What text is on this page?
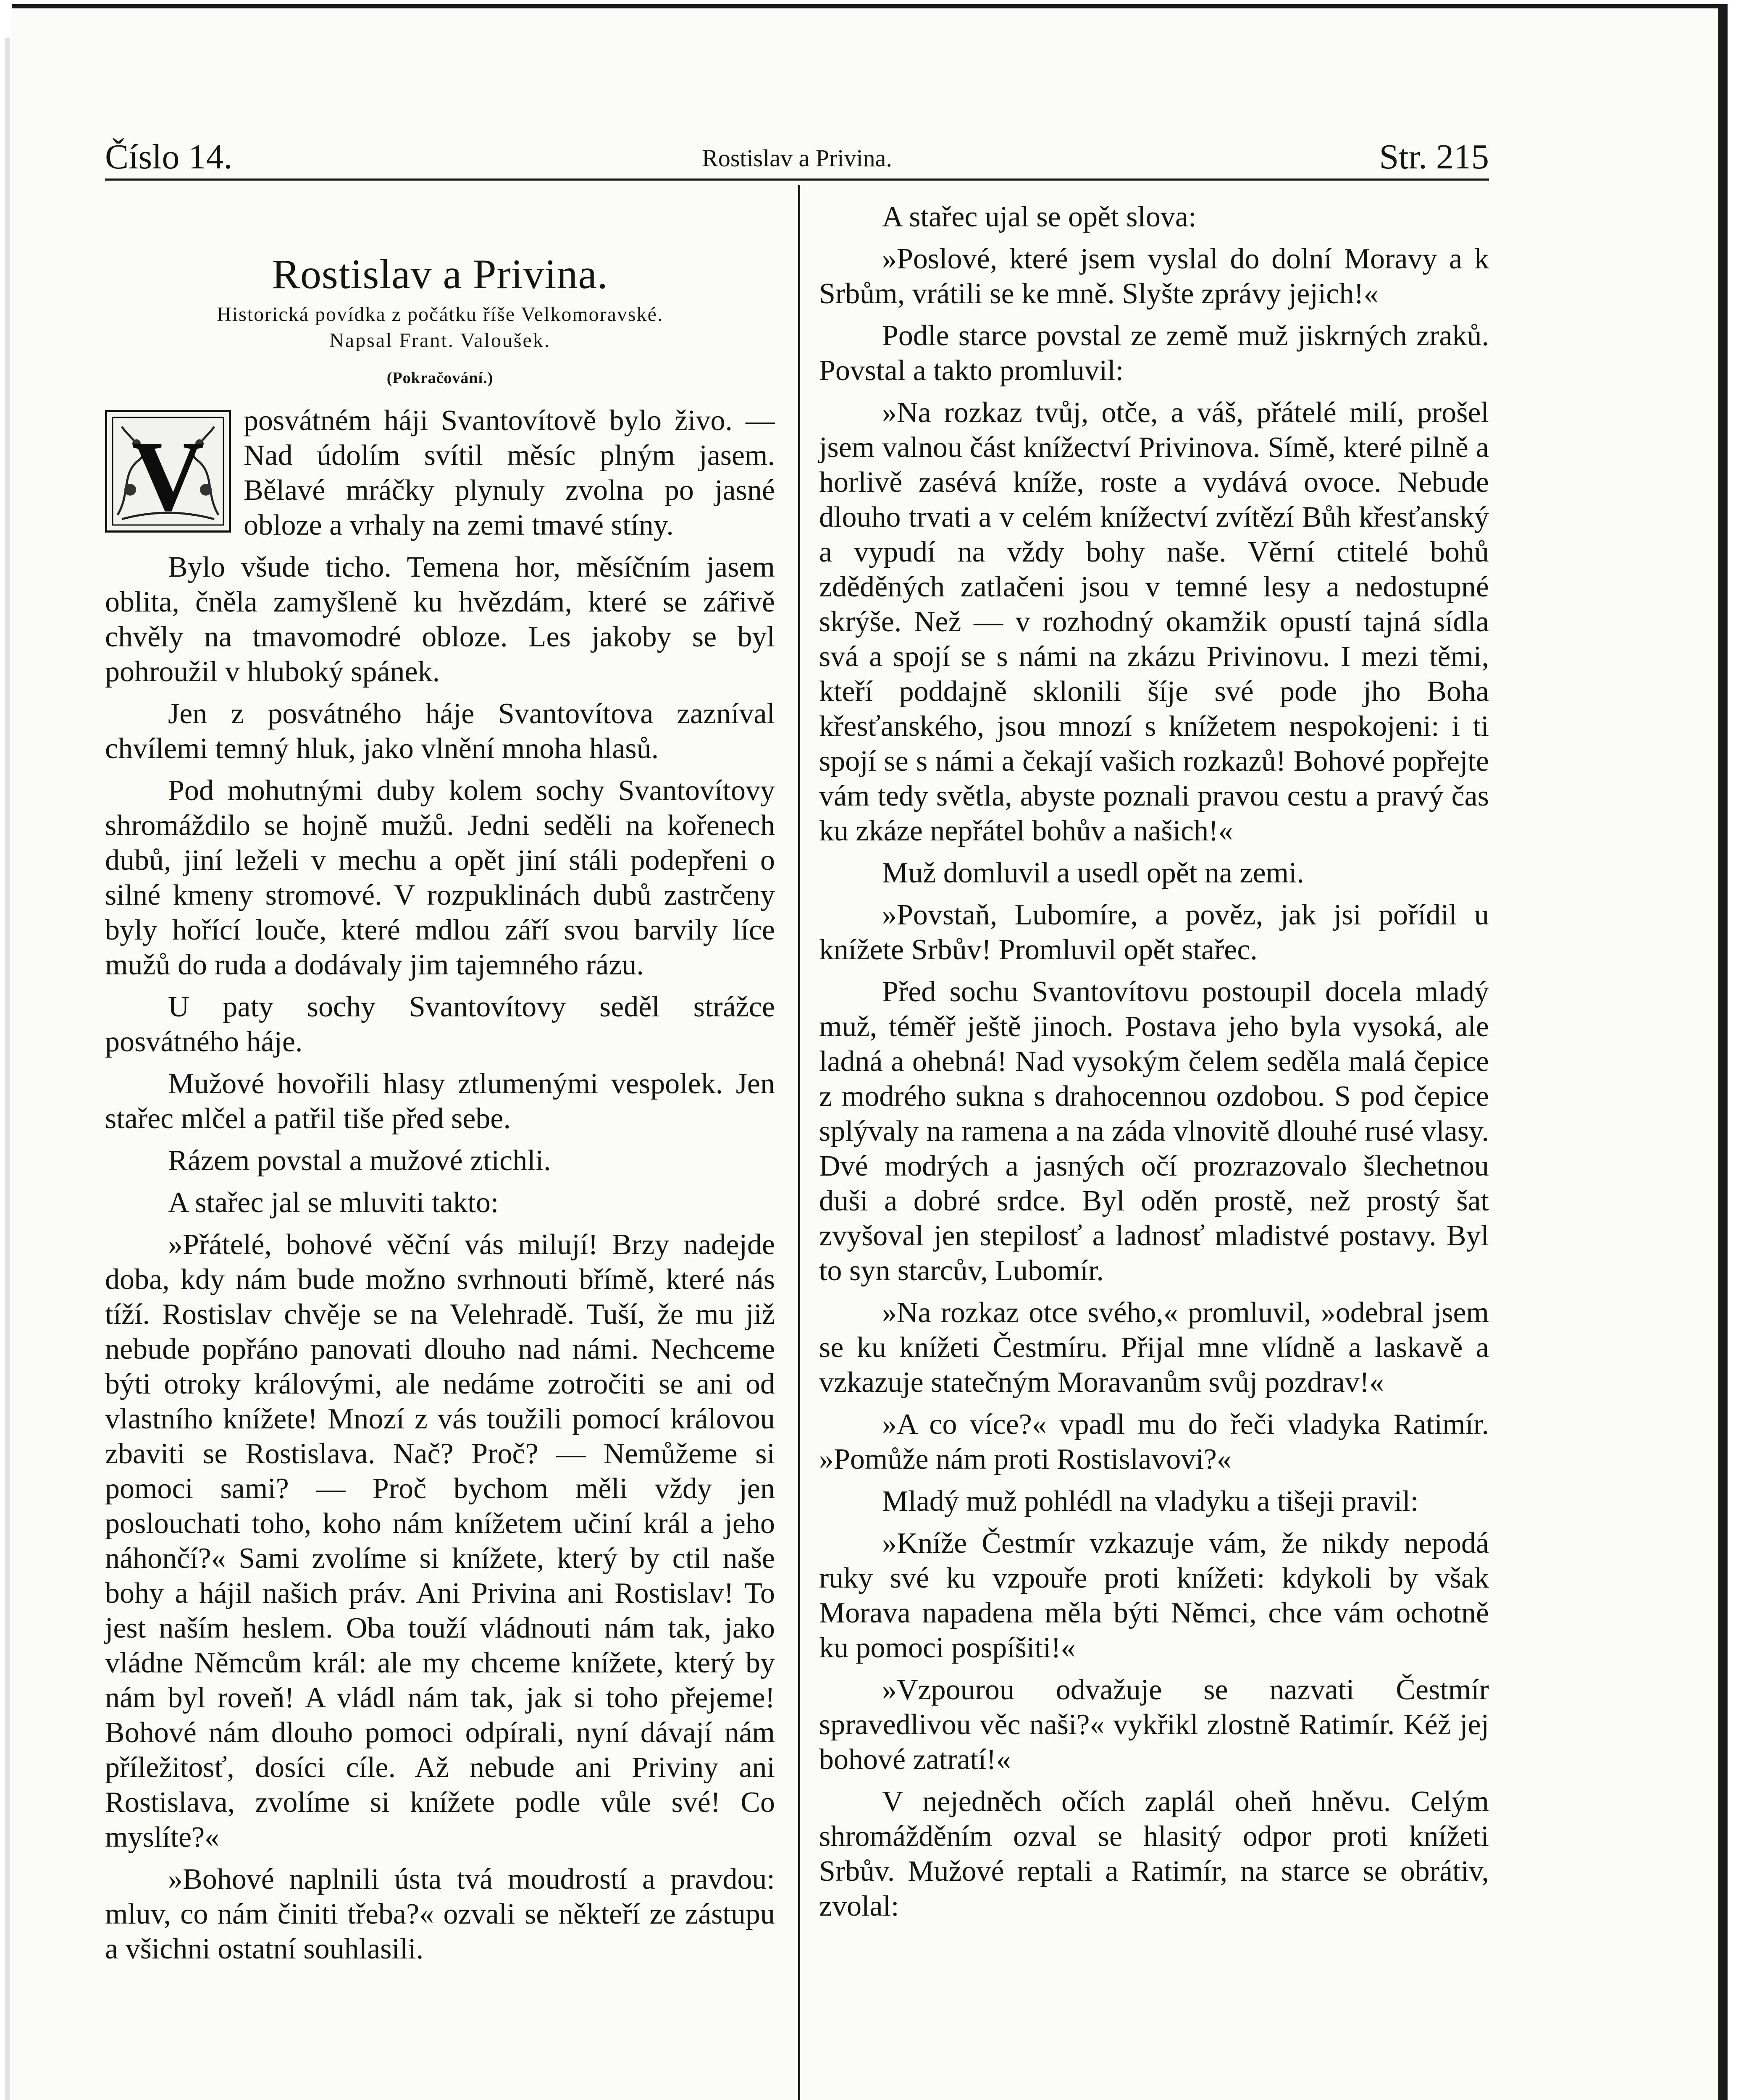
Číslo 14.	Rostislav a Privina.	Str. 215
Rostislav a Privina.
Historická povídka z počátku říše Velkomoravské.
Napsal Frant. Valoušek.
(Pokračování.)
V	posvátném háji Svantovítově bylo živo. — Nad údolím svítil měsíc plným jasem. Bělavé mráčky plynuly zvolna po jasné obloze a vrhaly na zemi tmavé stíny.

Bylo všude ticho. Temena hor, měsíčním jasem oblita, čněla zamyšleně ku hvězdám, které se zářivě chvěly na tmavomodré obloze. Les jakoby se byl pohroužil v hluboký spánek.

Jen z posvátného háje Svantovítova zazníval chvílemi temný hluk, jako vlnění mnoha hlasů.

Pod mohutnými duby kolem sochy Svantovítovy shromáždilo se hojně mužů. Jedni seděli na kořenech dubů, jiní leželi v mechu a opět jiní stáli podepřeni o silné kmeny stromové. V rozpuklinách dubů zastrčeny byly hořící louče, které mdlou září svou barvily líce mužů do ruda a dodávaly jim tajemného rázu.

U paty sochy Svantovítovy seděl strážce posvátného háje.

Mužové hovořili hlasy ztlumenými vespolek. Jen stařec mlčel a patřil tiše před sebe.

Rázem povstal a mužové ztichli.

A stařec jal se mluviti takto:

»Přátelé, bohové věční vás milují! Brzy nadejde doba, kdy nám bude možno svrhnouti břímě, které nás tíží. Rostislav chvěje se na Velehradě. Tuší, že mu již nebude popřáno panovati dlouho nad námi. Nechceme býti otroky královými, ale nedáme zotročiti se ani od vlastního knížete! Mnozí z vás toužili pomocí královou zbaviti se Rostislava. Nač? Proč? — Nemůžeme si pomoci sami? — Proč bychom měli vždy jen poslouchati toho, koho nám knížetem učiní král a jeho náhončí?« Sami zvolíme si knížete, který by ctil naše bohy a hájil našich práv. Ani Privina ani Rostislav! To jest naším heslem. Oba touží vládnouti nám tak, jako vládne Němcům král: ale my chceme knížete, který by nám byl roveň! A vládl nám tak, jak si toho přejeme! Bohové nám dlouho pomoci odpírali, nyní dávají nám příležitosť, dosíci cíle. Až nebude ani Priviny ani Rostislava, zvolíme si knížete podle vůle své! Co myslíte?«

»Bohové naplnili ústa tvá moudrostí a pravdou: mluv, co nám činiti třeba?« ozvali se někteří ze zástupu a všichni ostatní souhlasili.

A stařec ujal se opět slova:

»Poslové, které jsem vyslal do dolní Moravy a k Srbům, vrátili se ke mně. Slyšte zprávy jejich!«

Podle starce povstal ze země muž jiskrných zraků. Povstal a takto promluvil:

»Na rozkaz tvůj, otče, a váš, přátelé milí, prošel jsem valnou část knížectví Privinova. Símě, které pilně a horlivě zasévá kníže, roste a vydává ovoce. Nebude dlouho trvati a v celém knížectví zvítězí Bůh křesťanský a vypudí na vždy bohy naše. Věrní ctitelé bohů zděděných zatlačeni jsou v temné lesy a nedostupné skrýše. Než — v rozhodný okamžik opustí tajná sídla svá a spojí se s námi na zkázu Privinovu. I mezi těmi, kteří poddajně sklonili šíje své pode jho Boha křesťanského, jsou mnozí s knížetem nespokojeni: i ti spojí se s námi a čekají vašich rozkazů! Bohové popřejte vám tedy světla, abyste poznali pravou cestu a pravý čas ku zkáze nepřátel bohův a našich!«

Muž domluvil a usedl opět na zemi.

»Povstaň, Lubomíre, a pověz, jak jsi pořídil u knížete Srbův! Promluvil opět stařec.

Před sochu Svantovítovu postoupil docela mladý muž, téměř ještě jinoch. Postava jeho byla vysoká, ale ladná a ohebná! Nad vysokým čelem seděla malá čepice z modrého sukna s drahocennou ozdobou. S pod čepice splývaly na ramena a na záda vlnovitě dlouhé rusé vlasy. Dvé modrých a jasných očí prozrazovalo šlechetnou duši a dobré srdce. Byl oděn prostě, než prostý šat zvyšoval jen stepilosť a ladnosť mladistvé postavy. Byl to syn starcův, Lubomír.

»Na rozkaz otce svého,« promluvil, »odebral jsem se ku knížeti Čestmíru. Přijal mne vlídně a laskavě a vzkazuje statečným Moravanům svůj pozdrav!«

»A co více?« vpadl mu do řeči vladyka Ratimír. »Pomůže nám proti Rostislavovi?«

Mladý muž pohlédl na vladyku a tišeji pravil:

»Kníže Čestmír vzkazuje vám, že nikdy nepodá ruky své ku vzpouře proti knížeti: kdykoli by však Morava napadena měla býti Němci, chce vám ochotně ku pomoci pospíšiti!«

»Vzpourou odvažuje se nazvati Čestmír spravedlivou věc naši?« vykřikl zlostně Ratimír. Kéž jej bohové zatratí!«

V nejedněch očích zaplál oheň hněvu. Celým shromážděním ozval se hlasitý odpor proti knížeti Srbův. Mužové reptali a Ratimír, na starce se obrátiv, zvolal:
